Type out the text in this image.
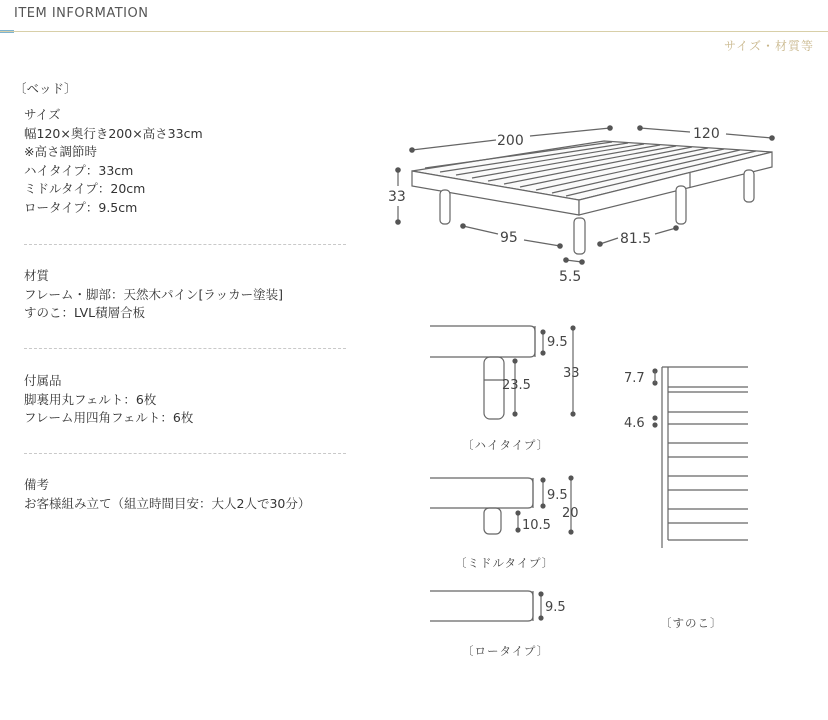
ITEM INFORMATION
サイズ・材質等

〔ベッド〕

サイズ

幅120×奥行き200×高さ33cm

※高さ調節時

ハイタイプ：33cm

ミドルタイプ：20cm

ロータイプ：9.5cm

材質

フレーム・脚部：天然木パイン[ラッカー塗装]

すのこ：LVL積層合板

付属品

脚裏用丸フェルト：6枚

フレーム用四角フェルト：6枚

備考

お客様組み立て（組立時間目安：大人2人で30分）

200	120
33
95	81.5
5.5
9.5
23.5
33
9.5
10.5
20
9.5
7.7
4.6
〔ハイタイプ〕
〔ミドルタイプ〕
〔ロータイプ〕
〔すのこ〕
